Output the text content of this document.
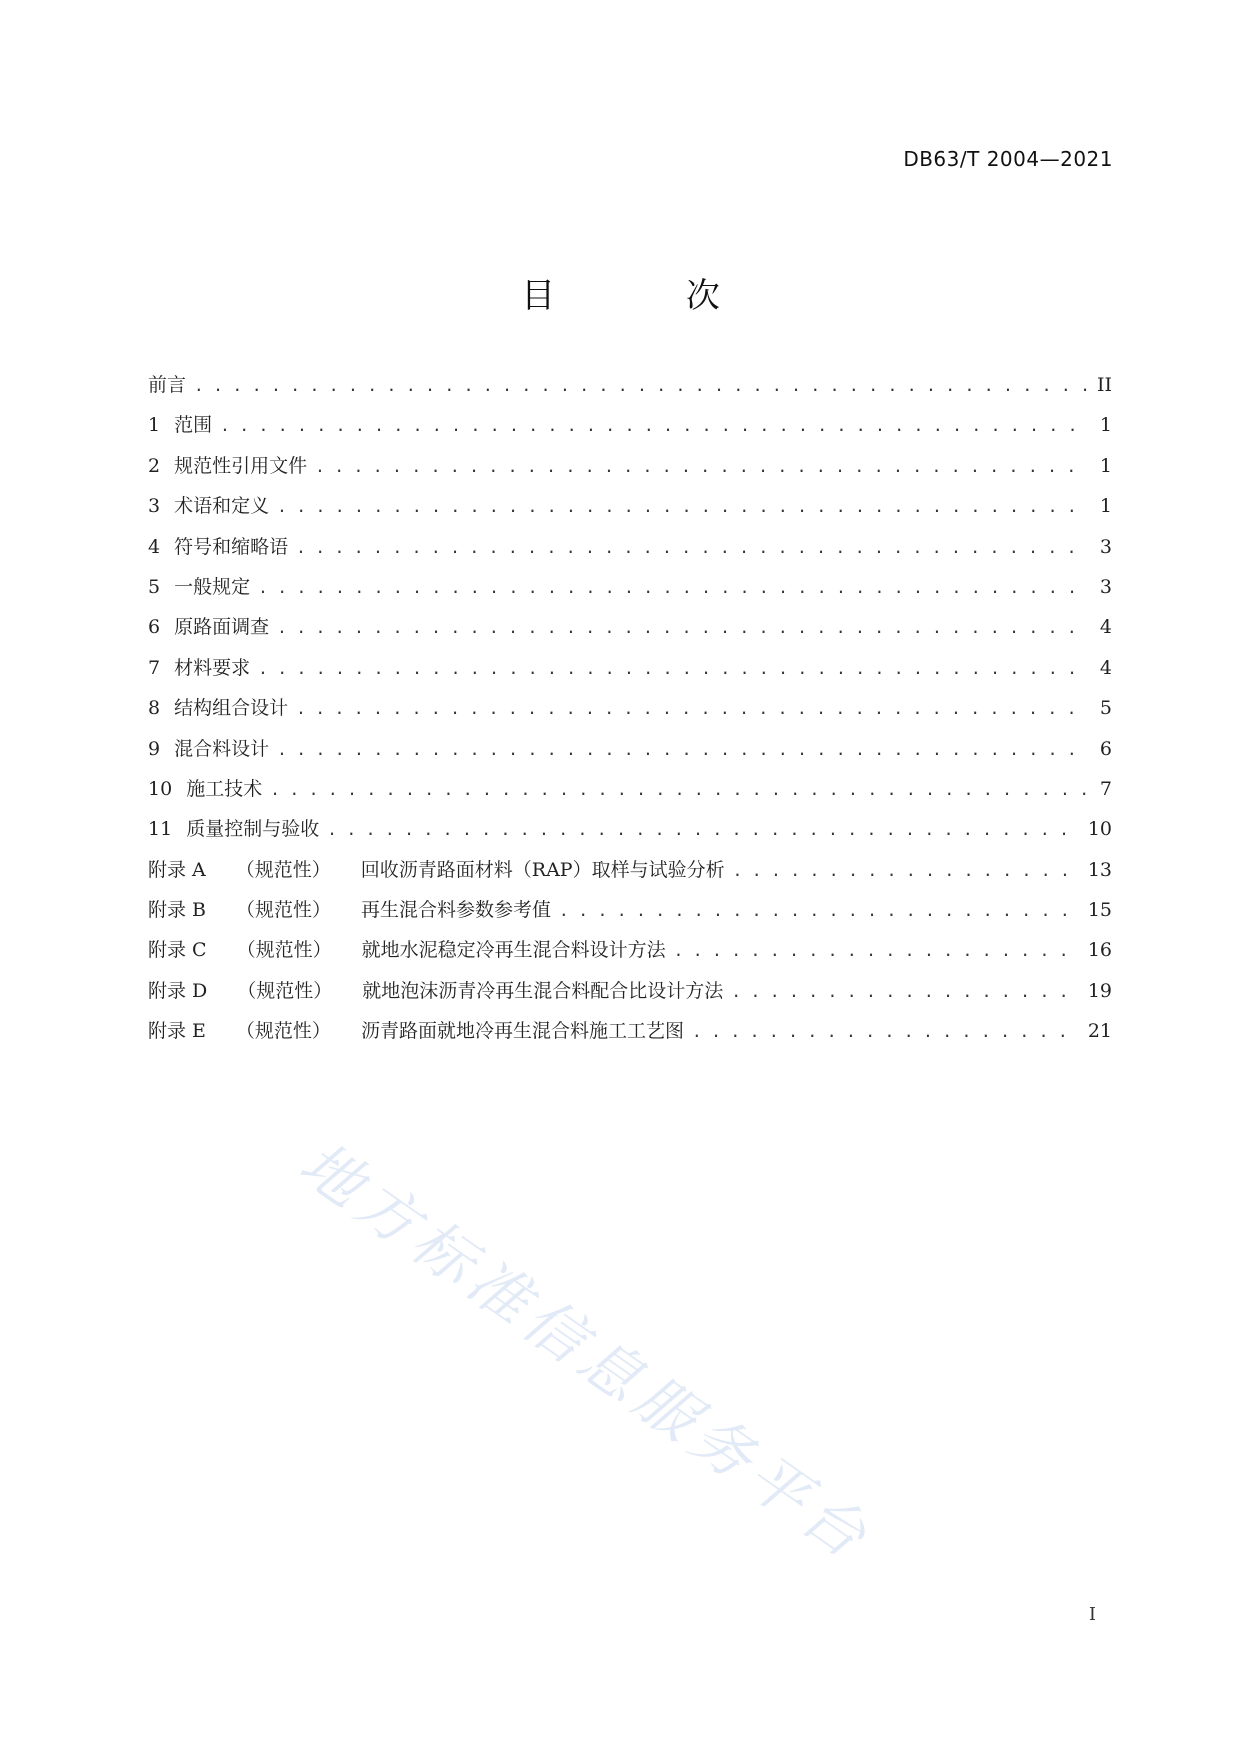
DB63/T 2004—2021
目 次
前言 . . .	II
1 范围 . . .	1
2 规范性引用文件 . . .	1
3 术语和定义 . . .	1
4 符号和缩略语 . . .	3
5 一般规定 . . .	3
6 原路面调查 . . .	4
7 材料要求 . . .	4
8 结构组合设计 . . .	5
9 混合料设计 . . .	6
10 施工技术 . . .	7
11 质量控制与验收 . . .	10
附录 A （规范性） 回收沥青路面材料（RAP）取样与试验分析 . . .	13
附录 B （规范性） 再生混合料参数参考值 . . .	15
附录 C （规范性） 就地水泥稳定冷再生混合料设计方法 . . .	16
附录 D （规范性） 就地泡沫沥青冷再生混合料配合比设计方法 . . .	19
附录 E （规范性） 沥青路面就地冷再生混合料施工工艺图 . . .	21
地方标准信息服务平台
I
